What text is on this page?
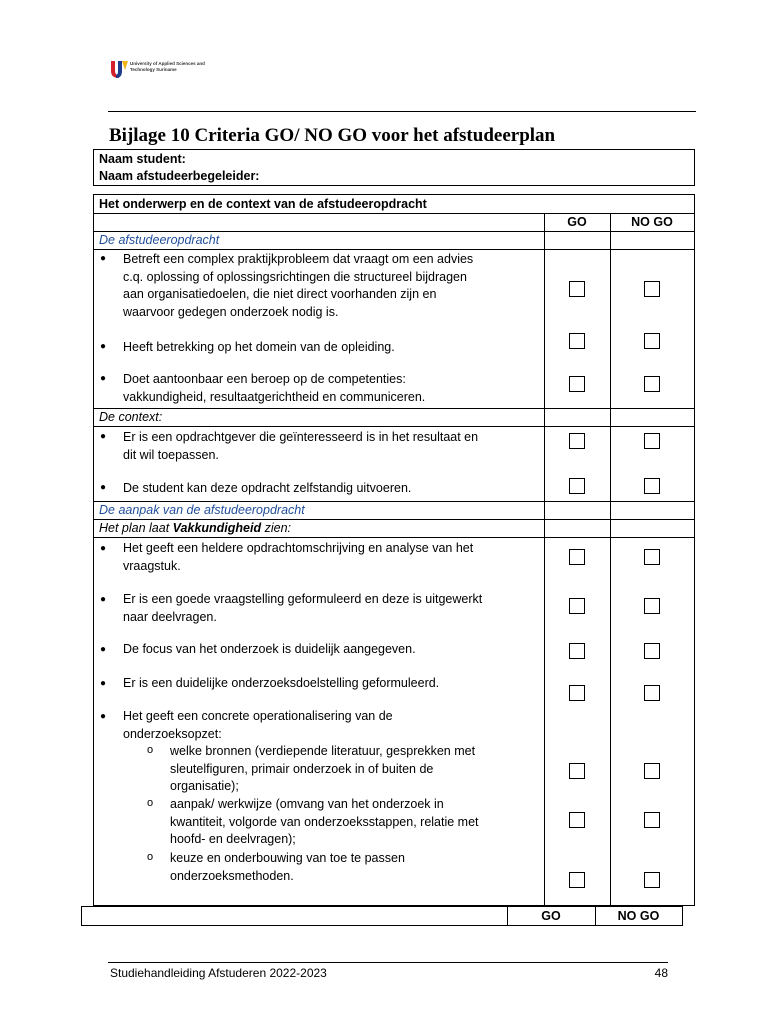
University of Applied Sciences and
Technology Suriname
Bijlage 10 Criteria GO/ NO GO voor het afstudeerplan
Naam student:
Naam afstudeerbegeleider:
Het onderwerp en de context van de afstudeeropdracht
GO	NO GO
De afstudeeropdracht
● Betreft een complex praktijkprobleem dat vraagt om een advies
c.q. oplossing of oplossingsrichtingen die structureel bijdragen
aan organisatiedoelen, die niet direct voorhanden zijn en
waarvoor gedegen onderzoek nodig is.
● Heeft betrekking op het domein van de opleiding.
● Doet aantoonbaar een beroep op de competenties:
vakkundigheid, resultaatgerichtheid en communiceren.
De context:
● Er is een opdrachtgever die geïnteresseerd is in het resultaat en
dit wil toepassen.
● De student kan deze opdracht zelfstandig uitvoeren.
De aanpak van de afstudeeropdracht
Het plan laat Vakkundigheid zien:
● Het geeft een heldere opdrachtomschrijving en analyse van het
vraagstuk.
● Er is een goede vraagstelling geformuleerd en deze is uitgewerkt
naar deelvragen.
● De focus van het onderzoek is duidelijk aangegeven.
● Er is een duidelijke onderzoeksdoelstelling geformuleerd.
● Het geeft een concrete operationalisering van de
onderzoeksopzet:
o welke bronnen (verdiepende literatuur, gesprekken met
sleutelfiguren, primair onderzoek in of buiten de
organisatie);
o aanpak/ werkwijze (omvang van het onderzoek in
kwantiteit, volgorde van onderzoeksstappen, relatie met
hoofd- en deelvragen);
o keuze en onderbouwing van toe te passen
onderzoeksmethoden.
GO	NO GO
Studiehandleiding Afstuderen 2022-2023	48
